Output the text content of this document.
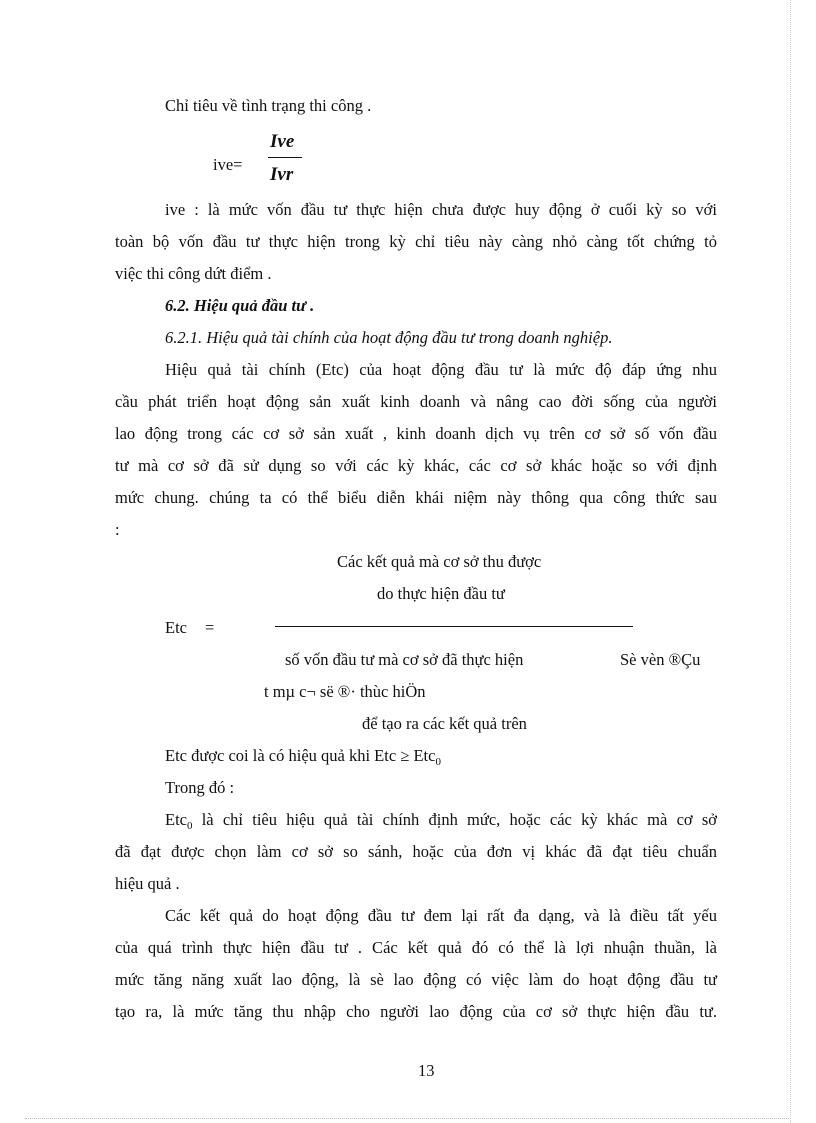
Chỉ tiêu về tình trạng thi công .
ive=
Ive
Ivr
ive : là mức vốn đầu tư thực hiện chưa được huy động ở cuối kỳ so với
toàn bộ vốn đầu tư thực hiện trong kỳ chỉ tiêu này càng nhỏ càng tốt chứng tỏ
việc thi công dứt điểm .
6.2. Hiệu quả đầu tư .
6.2.1. Hiệu quả tài chính của hoạt động đầu tư trong doanh nghiệp.
Hiệu quả tài chính (Etc) của hoạt động đầu tư là mức độ đáp ứng nhu
cầu phát triển hoạt động sản xuất kinh doanh và nâng cao đời sống của người
lao động trong các cơ sở sản xuất , kinh doanh dịch vụ trên cơ sở số vốn đầu
tư mà cơ sở đã sử dụng so với các kỳ khác, các cơ sở khác hoặc so với định
mức chung. chúng ta có thể biểu diễn khái niệm này thông qua công thức sau
:
Các kết quả mà cơ sở thu được
do thực hiện đầu tư
Etc =
số vốn đầu tư mà cơ sở đã thực hiện	Sè vèn ®Çu
t mµ c¬ së ®· thùc hiÖn
để tạo ra các kết quả trên
Etc được coi là có hiệu quả khi Etc ≥ Etc$_0$
Trong đó :
Etc$_0$ là chỉ tiêu hiệu quả tài chính định mức, hoặc các kỳ khác mà cơ sở
đã đạt được chọn làm cơ sở so sánh, hoặc của đơn vị khác đã đạt tiêu chuẩn
hiệu quả .
Các kết quả do hoạt động đầu tư đem lại rất đa dạng, và là điều tất yếu
của quá trình thực hiện đầu tư . Các kết quả đó có thể là lợi nhuận thuần, là
mức tăng năng xuất lao động, là sè lao động có việc làm do hoạt động đầu tư
tạo ra, là mức tăng thu nhập cho người lao động của cơ sở thực hiện đầu tư.
13
